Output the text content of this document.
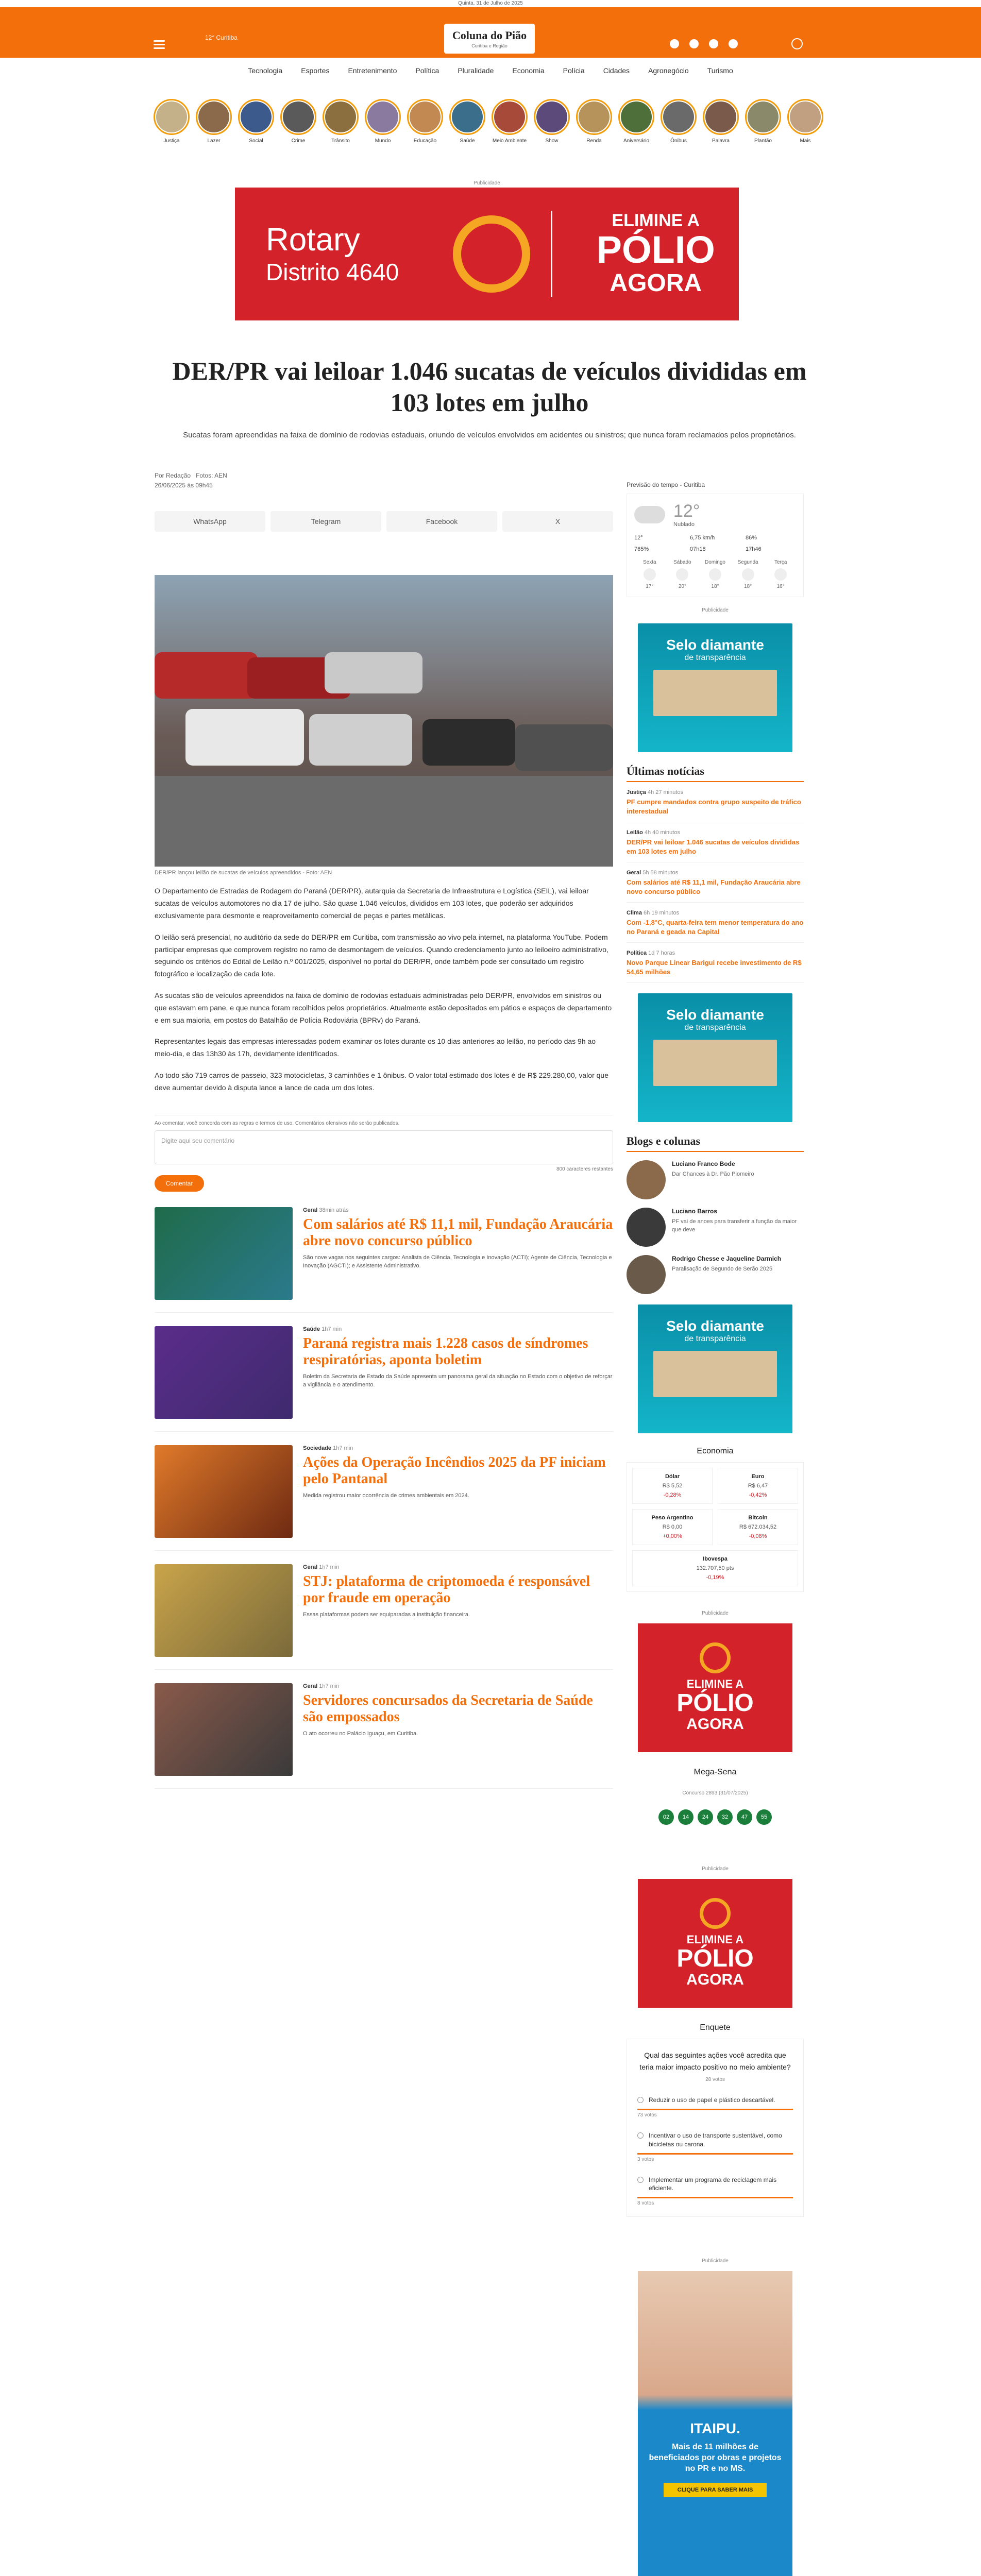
Quinta, 31 de Julho de 2025
12° Curitiba	Coluna do Pião
Curitiba e Região
Tecnologia	Esportes	Entretenimento	Política	Pluralidade	Economia	Polícia	Cidades	Agronegócio	Turismo
Justiça	Lazer	Social	Crime	Trânsito	Mundo	Educação	Saúde	Meio Ambiente	Show	Renda	Aniversário	Ônibus	Palavra	Plantão	Mais
Publicidade
Rotary
Distrito 4640
ELIMINE A
PÓLIO
AGORA
DER/PR vai leiloar 1.046 sucatas de veículos divididas em 103 lotes em julho

Sucatas foram apreendidas na faixa de domínio de rodovias estaduais, oriundo de veículos envolvidos em acidentes ou sinistros; que nunca foram reclamados pelos proprietários.

Por Redação Fotos: AEN
26/06/2025 às 09h45
WhatsApp	Telegram	Facebook	X
DER/PR lançou leilão de sucatas de veículos apreendidos - Foto: AEN

O Departamento de Estradas de Rodagem do Paraná (DER/PR), autarquia da Secretaria de Infraestrutura e Logística (SEIL), vai leiloar sucatas de veículos automotores no dia 17 de julho. São quase 1.046 veículos, divididos em 103 lotes, que poderão ser adquiridos exclusivamente para desmonte e reaproveitamento comercial de peças e partes metálicas.

O leilão será presencial, no auditório da sede do DER/PR em Curitiba, com transmissão ao vivo pela internet, na plataforma YouTube. Podem participar empresas que comprovem registro no ramo de desmontagem de veículos. Quando credenciamento junto ao leiloeiro administrativo, seguindo os critérios do Edital de Leilão n.º 001/2025, disponível no portal do DER/PR, onde também pode ser consultado um registro fotográfico e localização de cada lote.

As sucatas são de veículos apreendidos na faixa de domínio de rodovias estaduais administradas pelo DER/PR, envolvidos em sinistros ou que estavam em pane, e que nunca foram recolhidos pelos proprietários. Atualmente estão depositados em pátios e espaços de departamento e em sua maioria, em postos do Batalhão de Polícia Rodoviária (BPRv) do Paraná.

Representantes legais das empresas interessadas podem examinar os lotes durante os 10 dias anteriores ao leilão, no período das 9h ao meio-dia, e das 13h30 às 17h, devidamente identificados.

Ao todo são 719 carros de passeio, 323 motocicletas, 3 caminhões e 1 ônibus. O valor total estimado dos lotes é de R$ 229.280,00, valor que deve aumentar devido à disputa lance a lance de cada um dos lotes.

Ao comentar, você concorda com as regras e termos de uso. Comentários ofensivos não serão publicados.
Digite aqui seu comentário
800 caracteres restantes
Comentar
Geral 38min atrás
Com salários até R$ 11,1 mil, Fundação Araucária abre novo concurso público
São nove vagas nos seguintes cargos: Analista de Ciência, Tecnologia e Inovação (ACTI); Agente de Ciência, Tecnologia e Inovação (AGCTI); e Assistente Administrativo.
Saúde 1h7 min
Paraná registra mais 1.228 casos de síndromes respiratórias, aponta boletim
Boletim da Secretaria de Estado da Saúde apresenta um panorama geral da situação no Estado com o objetivo de reforçar a vigilância e o atendimento.
Sociedade 1h7 min
Ações da Operação Incêndios 2025 da PF iniciam pelo Pantanal
Medida registrou maior ocorrência de crimes ambientais em 2024.
Geral 1h7 min
STJ: plataforma de criptomoeda é responsável por fraude em operação
Essas plataformas podem ser equiparadas a instituição financeira.
Geral 1h7 min
Servidores concursados da Secretaria de Saúde são empossados
O ato ocorreu no Palácio Iguaçu, em Curitiba.
Previsão do tempo - Curitiba
12°
Nublado
12°	6,75 km/h	86%
765%	07h18	17h46
Sexta
17°
Sábado
20°
Domingo
18°
Segunda
18°
Terça
16°
Publicidade
Selo diamante
de transparência
Últimas notícias
Justiça 4h 27 minutos
PF cumpre mandados contra grupo suspeito de tráfico interestadual
Leilão 4h 40 minutos
DER/PR vai leiloar 1.046 sucatas de veículos divididas em 103 lotes em julho
Geral 5h 58 minutos
Com salários até R$ 11,1 mil, Fundação Araucária abre novo concurso público
Clima 6h 19 minutos
Com -1,8°C, quarta-feira tem menor temperatura do ano no Paraná e geada na Capital
Política 1d 7 horas
Novo Parque Linear Barigui recebe investimento de R$ 54,65 milhões
Selo diamante
de transparência
Blogs e colunas
Luciano Franco Bode
Dar Chances à Dr. Pão Piomeiro
Luciano Barros
PF vai de anoes para transferir a função da maior que deve
Rodrigo Chesse e Jaqueline Darmich
Paralisação de Segundo de Serão 2025
Selo diamante
de transparência
Economia
Dólar
R$ 5,52
-0,28%
Euro
R$ 6,47
-0,42%
Peso Argentino
R$ 0,00
+0,00%
Bitcoin
R$ 672.034,52
-0,08%
Ibovespa
132.707,50 pts
-0,19%
Publicidade
ELIMINE A
PÓLIO
AGORA
Mega-Sena
Concurso 2893 (31/07/2025)
02	14	24	32	47	55
Publicidade
ELIMINE A
PÓLIO
AGORA
Enquete
Qual das seguintes ações você acredita que teria maior impacto positivo no meio ambiente?
28 votos
Reduzir o uso de papel e plástico descartável.
73 votos
Incentivar o uso de transporte sustentável, como bicicletas ou carona.
3 votos
Implementar um programa de reciclagem mais eficiente.
8 votos
Publicidade
ITAIPU.
Mais de 11 milhões de beneficiados por obras e projetos no PR e no MS.
CLIQUE PARA SABER MAIS
